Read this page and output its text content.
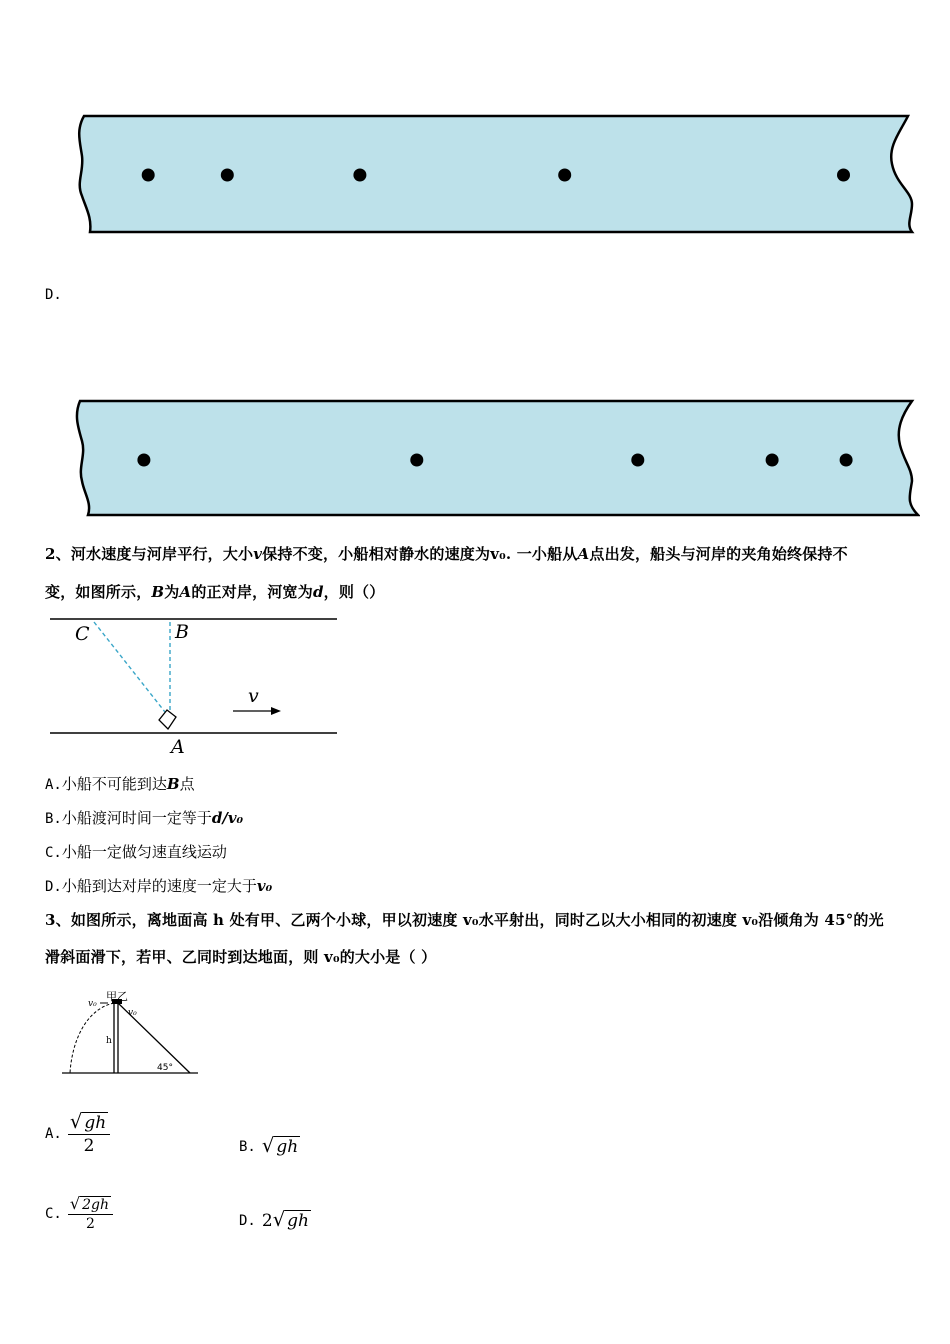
D.
2、河水速度与河岸平行，大小v保持不变，小船相对静水的速度为v₀. 一小船从A点出发，船头与河岸的夹角始终保持不
变，如图所示，B为A的正对岸，河宽为d，则（）
C	B
v
A
A.小船不可能到达B点
B.小船渡河时间一定等于d/v₀
C.小船一定做匀速直线运动
D.小船到达对岸的速度一定大于v₀
3、如图所示，离地面高 h 处有甲、乙两个小球，甲以初速度 v₀水平射出，同时乙以大小相同的初速度 v₀沿倾角为 45°的光
滑斜面滑下，若甲、乙同时到达地面，则 v₀的大小是（ ）
甲乙
v₀
v₀
h
45°
A. $\frac{√ gh}{2}$	B. √ gh
C. $\frac{√ 2gh}{2}$	D. 2 √ gh
